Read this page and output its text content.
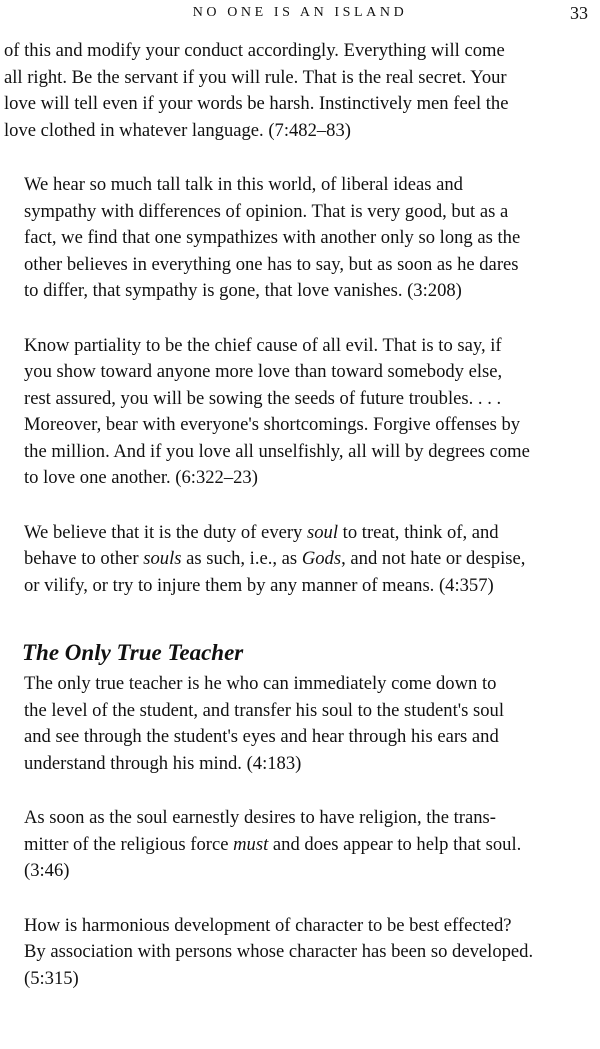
NO ONE IS AN ISLAND	33

of this and modify your conduct accordingly. Everything will come
all right. Be the servant if you will rule. That is the real secret. Your
love will tell even if your words be harsh. Instinctively men feel the
love clothed in whatever language. (7:482–83)

We hear so much tall talk in this world, of liberal ideas and
sympathy with differences of opinion. That is very good, but as a
fact, we find that one sympathizes with another only so long as the
other believes in everything one has to say, but as soon as he dares
to differ, that sympathy is gone, that love vanishes. (3:208)

Know partiality to be the chief cause of all evil. That is to say, if
you show toward anyone more love than toward somebody else,
rest assured, you will be sowing the seeds of future troubles. . . .
Moreover, bear with everyone's shortcomings. Forgive offenses by
the million. And if you love all unselfishly, all will by degrees come
to love one another. (6:322–23)

We believe that it is the duty of every soul to treat, think of, and
behave to other souls as such, i.e., as Gods, and not hate or despise,
or vilify, or try to injure them by any manner of means. (4:357)

The Only True Teacher

The only true teacher is he who can immediately come down to
the level of the student, and transfer his soul to the student's soul
and see through the student's eyes and hear through his ears and
understand through his mind. (4:183)

As soon as the soul earnestly desires to have religion, the trans-
mitter of the religious force must and does appear to help that soul.
(3:46)

How is harmonious development of character to be best effected?
By association with persons whose character has been so developed.
(5:315)
